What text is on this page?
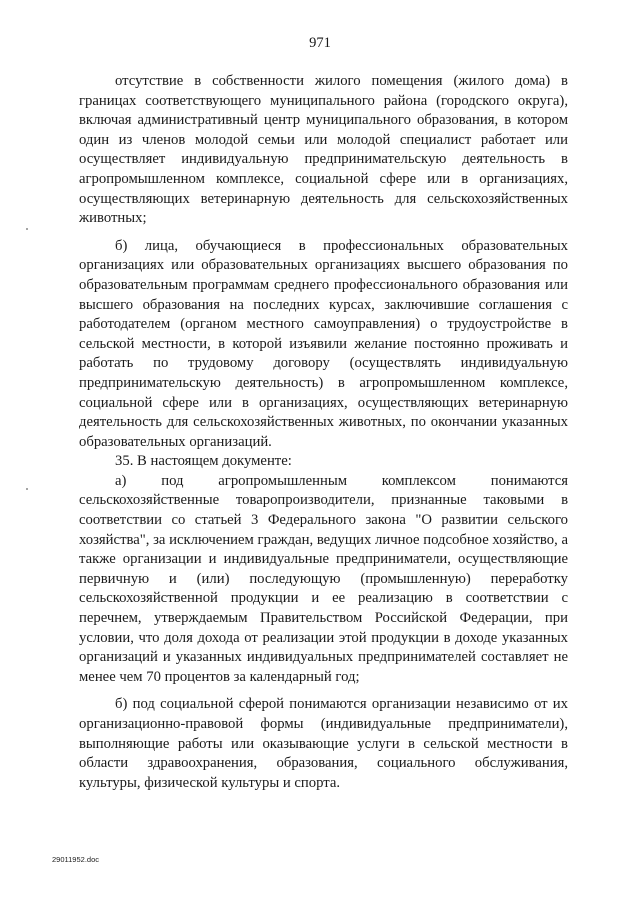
971

отсутствие в собственности жилого помещения (жилого дома) в границах соответствующего муниципального района (городского округа), включая административный центр муниципального образования, в котором один из членов молодой семьи или молодой специалист работает или осуществляет индивидуальную предпринимательскую деятельность в агропромышленном комплексе, социальной сфере или в организациях, осуществляющих ветеринарную деятельность для сельскохозяйственных животных;

б) лица, обучающиеся в профессиональных образовательных организациях или образовательных организациях высшего образования по образовательным программам среднего профессионального образования или высшего образования на последних курсах, заключившие соглашения с работодателем (органом местного самоуправления) о трудоустройстве в сельской местности, в которой изъявили желание постоянно проживать и работать по трудовому договору (осуществлять индивидуальную предпринимательскую деятельность) в агропромышленном комплексе, социальной сфере или в организациях, осуществляющих ветеринарную деятельность для сельскохозяйственных животных, по окончании указанных образовательных организаций.

35. В настоящем документе:

а) под агропромышленным комплексом понимаются сельскохозяйственные товаропроизводители, признанные таковыми в соответствии со статьей 3 Федерального закона "О развитии сельского хозяйства", за исключением граждан, ведущих личное подсобное хозяйство, а также организации и индивидуальные предприниматели, осуществляющие первичную и (или) последующую (промышленную) переработку сельскохозяйственной продукции и ее реализацию в соответствии с перечнем, утверждаемым Правительством Российской Федерации, при условии, что доля дохода от реализации этой продукции в доходе указанных организаций и указанных индивидуальных предпринимателей составляет не менее чем 70 процентов за календарный год;

б) под социальной сферой понимаются организации независимо от их организационно-правовой формы (индивидуальные предприниматели), выполняющие работы или оказывающие услуги в сельской местности в области здравоохранения, образования, социального обслуживания, культуры, физической культуры и спорта.

29011952.doc
